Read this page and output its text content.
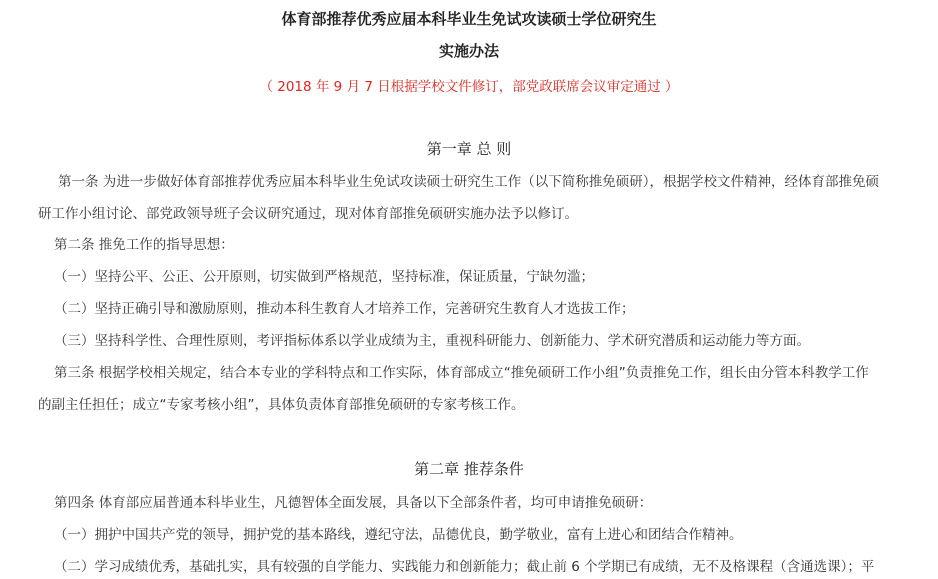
体育部推荐优秀应届本科毕业生免试攻读硕士学位研究生
实施办法
（ 2018 年 9 月 7 日根据学校文件修订，部党政联席会议审定通过 ）
第一章 总 则
第一条 为进一步做好体育部推荐优秀应届本科毕业生免试攻读硕士研究生工作（以下简称推免硕研），根据学校文件精神，经体育部推免硕
研工作小组讨论、部党政领导班子会议研究通过，现对体育部推免硕研实施办法予以修订。
第二条 推免工作的指导思想：
（一）坚持公平、公正、公开原则，切实做到严格规范，坚持标准，保证质量，宁缺勿滥；
（二）坚持正确引导和激励原则，推动本科生教育人才培养工作，完善研究生教育人才选拔工作；
（三）坚持科学性、合理性原则，考评指标体系以学业成绩为主，重视科研能力、创新能力、学术研究潜质和运动能力等方面。
第三条 根据学校相关规定，结合本专业的学科特点和工作实际，体育部成立“推免硕研工作小组”负责推免工作，组长由分管本科教学工作
的副主任担任；成立“专家考核小组”，具体负责体育部推免硕研的专家考核工作。
第二章 推荐条件
第四条 体育部应届普通本科毕业生，凡德智体全面发展，具备以下全部条件者，均可申请推免硕研：
（一）拥护中国共产党的领导，拥护党的基本路线，遵纪守法，品德优良，勤学敬业，富有上进心和团结合作精神。
（二）学习成绩优秀，基础扎实，具有较强的自学能力、实践能力和创新能力；截止前 6 个学期已有成绩，无不及格课程（含通选课）；平
